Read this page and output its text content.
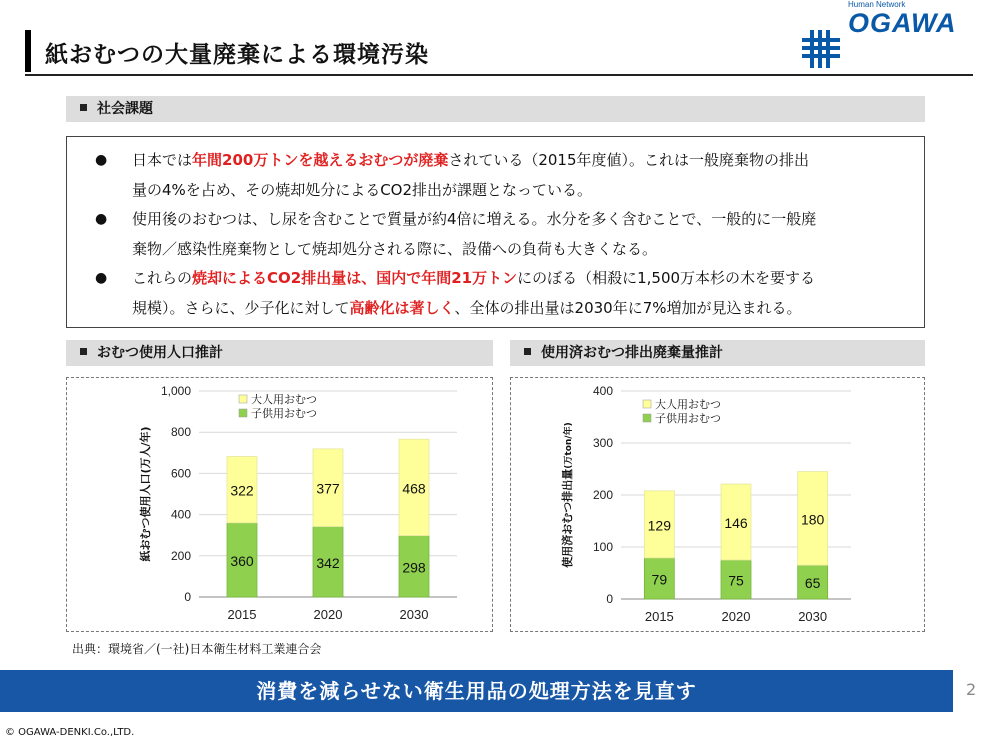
紙おむつの大量廃棄による環境汚染
Human Network
OGAWA
社会課題
● 日本では年間200万トンを越えるおむつが廃棄されている（2015年度値）。これは一般廃棄物の排出
量の4%を占め、その焼却処分によるCO2排出が課題となっている。
● 使用後のおむつは、し尿を含むことで質量が約4倍に増える。水分を多く含むことで、一般的に一般廃
棄物／感染性廃棄物として焼却処分される際に、設備への負荷も大きくなる。
● これらの焼却によるCO2排出量は、国内で年間21万トンにのぼる（相殺に1,500万本杉の木を要する
規模）。さらに、少子化に対して高齢化は著しく、全体の排出量は2030年に7%増加が見込まれる。
おむつ使用人口推計	使用済おむつ排出廃棄量推計
0
200
400
600
800
1,000
紙おむつ使用人口(万人/年)	360
322
2015
342
377
2020
298
468
2030
大人用おむつ
子供用おむつ
0
100
200
300
400
使用済おむつ排出量(万ton/年)
79
129
2015
75
146
2020
65
180
2030
大人用おむつ
子供用おむつ
出典：環境省／(一社)日本衛生材料工業連合会
消費を減らせない衛生用品の処理方法を見直す	2
© OGAWA-DENKI.Co.,LTD.
